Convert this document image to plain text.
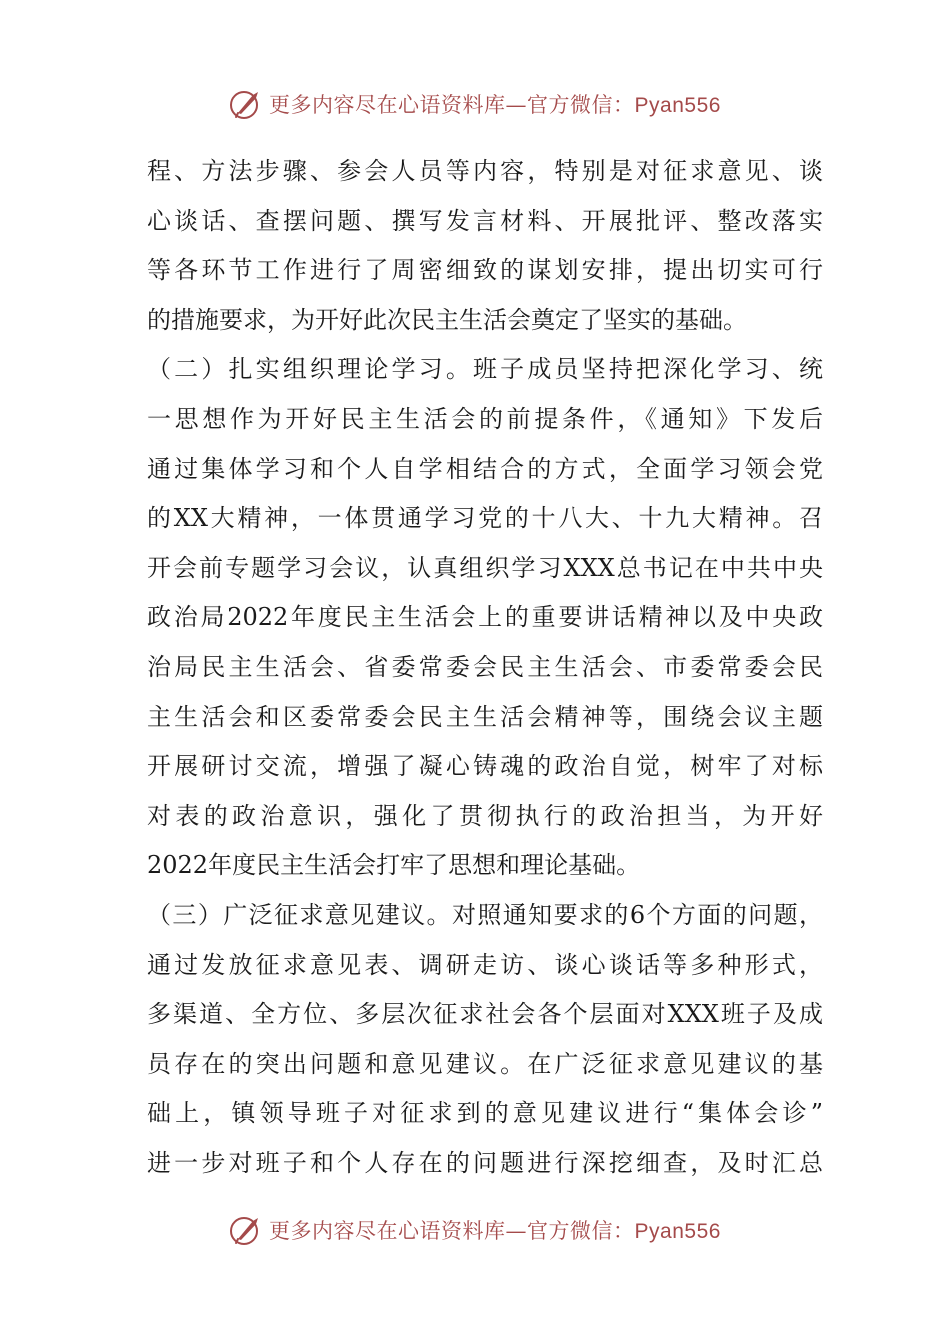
更多内容尽在心语资料库—官方微信：Pyan556
程、方法步骤、参会人员等内容，特别是对征求意见、谈
心谈话、查摆问题、撰写发言材料、开展批评、整改落实
等各环节工作进行了周密细致的谋划安排，提出切实可行
的措施要求，为开好此次民主生活会奠定了坚实的基础。
（二）扎实组织理论学习。班子成员坚持把深化学习、统
一思想作为开好民主生活会的前提条件，《通知》下发后
通过集体学习和个人自学相结合的方式，全面学习领会党
的XX大精神，一体贯通学习党的十八大、十九大精神。召
开会前专题学习会议，认真组织学习XXX总书记在中共中央
政治局2022年度民主生活会上的重要讲话精神以及中央政
治局民主生活会、省委常委会民主生活会、市委常委会民
主生活会和区委常委会民主生活会精神等，围绕会议主题
开展研讨交流，增强了凝心铸魂的政治自觉，树牢了对标
对表的政治意识，强化了贯彻执行的政治担当，为开好
2022年度民主生活会打牢了思想和理论基础。
（三）广泛征求意见建议。对照通知要求的6个方面的问题，
通过发放征求意见表、调研走访、谈心谈话等多种形式，
多渠道、全方位、多层次征求社会各个层面对XXX班子及成
员存在的突出问题和意见建议。在广泛征求意见建议的基
础上，镇领导班子对征求到的意见建议进行“集体会诊”
进一步对班子和个人存在的问题进行深挖细查，及时汇总
更多内容尽在心语资料库—官方微信：Pyan556
